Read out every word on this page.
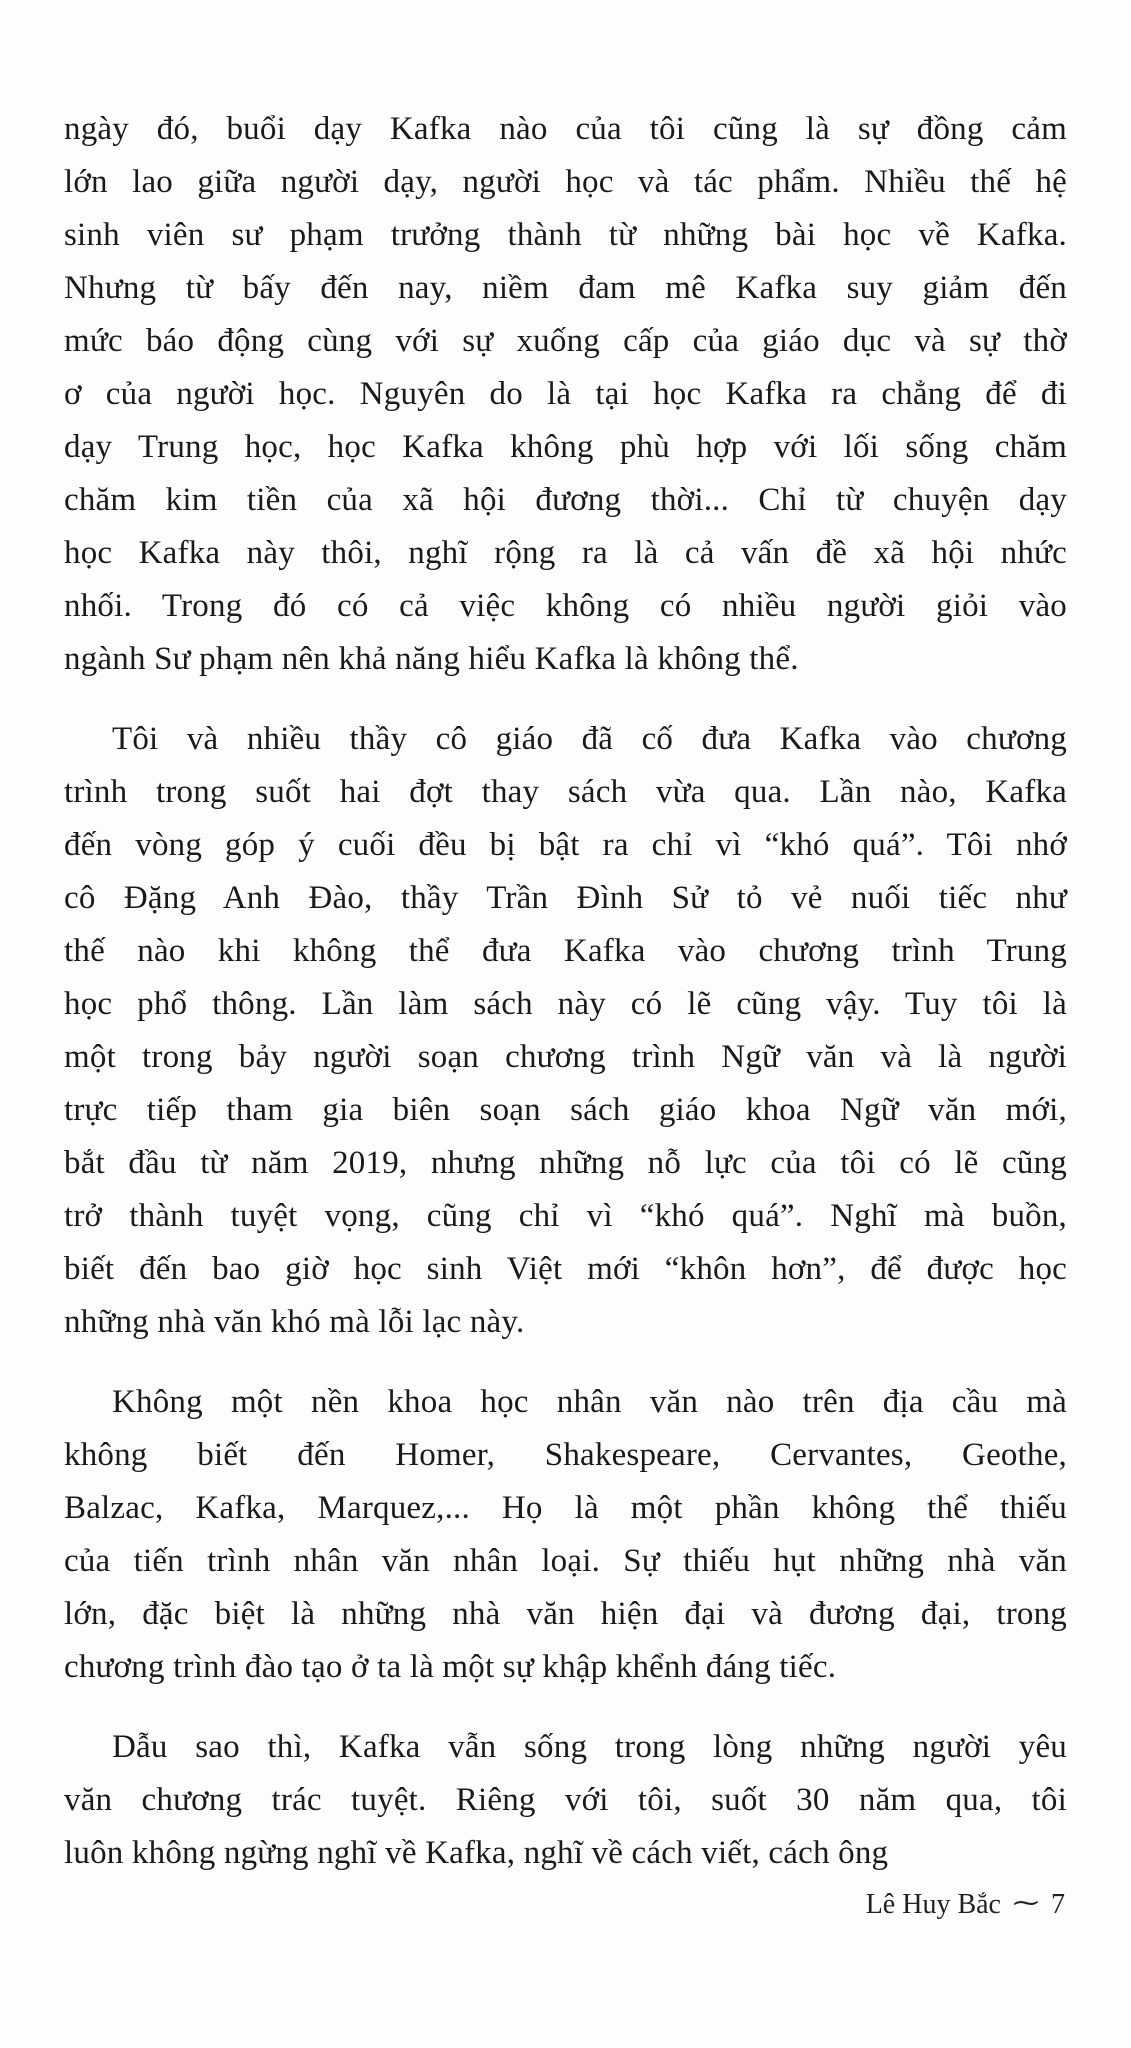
ngày đó, buổi dạy Kafka nào của tôi cũng là sự đồng cảm
lớn lao giữa người dạy, người học và tác phẩm. Nhiều thế hệ
sinh viên sư phạm trưởng thành từ những bài học về Kafka.
Nhưng từ bấy đến nay, niềm đam mê Kafka suy giảm đến
mức báo động cùng với sự xuống cấp của giáo dục và sự thờ
ơ của người học. Nguyên do là tại học Kafka ra chẳng để đi
dạy Trung học, học Kafka không phù hợp với lối sống chăm
chăm kim tiền của xã hội đương thời... Chỉ từ chuyện dạy
học Kafka này thôi, nghĩ rộng ra là cả vấn đề xã hội nhức
nhối. Trong đó có cả việc không có nhiều người giỏi vào
ngành Sư phạm nên khả năng hiểu Kafka là không thể.
Tôi và nhiều thầy cô giáo đã cố đưa Kafka vào chương
trình trong suốt hai đợt thay sách vừa qua. Lần nào, Kafka
đến vòng góp ý cuối đều bị bật ra chỉ vì “khó quá”. Tôi nhớ
cô Đặng Anh Đào, thầy Trần Đình Sử tỏ vẻ nuối tiếc như
thế nào khi không thể đưa Kafka vào chương trình Trung
học phổ thông. Lần làm sách này có lẽ cũng vậy. Tuy tôi là
một trong bảy người soạn chương trình Ngữ văn và là người
trực tiếp tham gia biên soạn sách giáo khoa Ngữ văn mới,
bắt đầu từ năm 2019, nhưng những nỗ lực của tôi có lẽ cũng
trở thành tuyệt vọng, cũng chỉ vì “khó quá”. Nghĩ mà buồn,
biết đến bao giờ học sinh Việt mới “khôn hơn”, để được học
những nhà văn khó mà lỗi lạc này.
Không một nền khoa học nhân văn nào trên địa cầu mà
không biết đến Homer, Shakespeare, Cervantes, Geothe,
Balzac, Kafka, Marquez,... Họ là một phần không thể thiếu
của tiến trình nhân văn nhân loại. Sự thiếu hụt những nhà văn
lớn, đặc biệt là những nhà văn hiện đại và đương đại, trong
chương trình đào tạo ở ta là một sự khập khểnh đáng tiếc.
Dẫu sao thì, Kafka vẫn sống trong lòng những người yêu
văn chương trác tuyệt. Riêng với tôi, suốt 30 năm qua, tôi
luôn không ngừng nghĩ về Kafka, nghĩ về cách viết, cách ông
Lê Huy Bắc ⁓ 7
